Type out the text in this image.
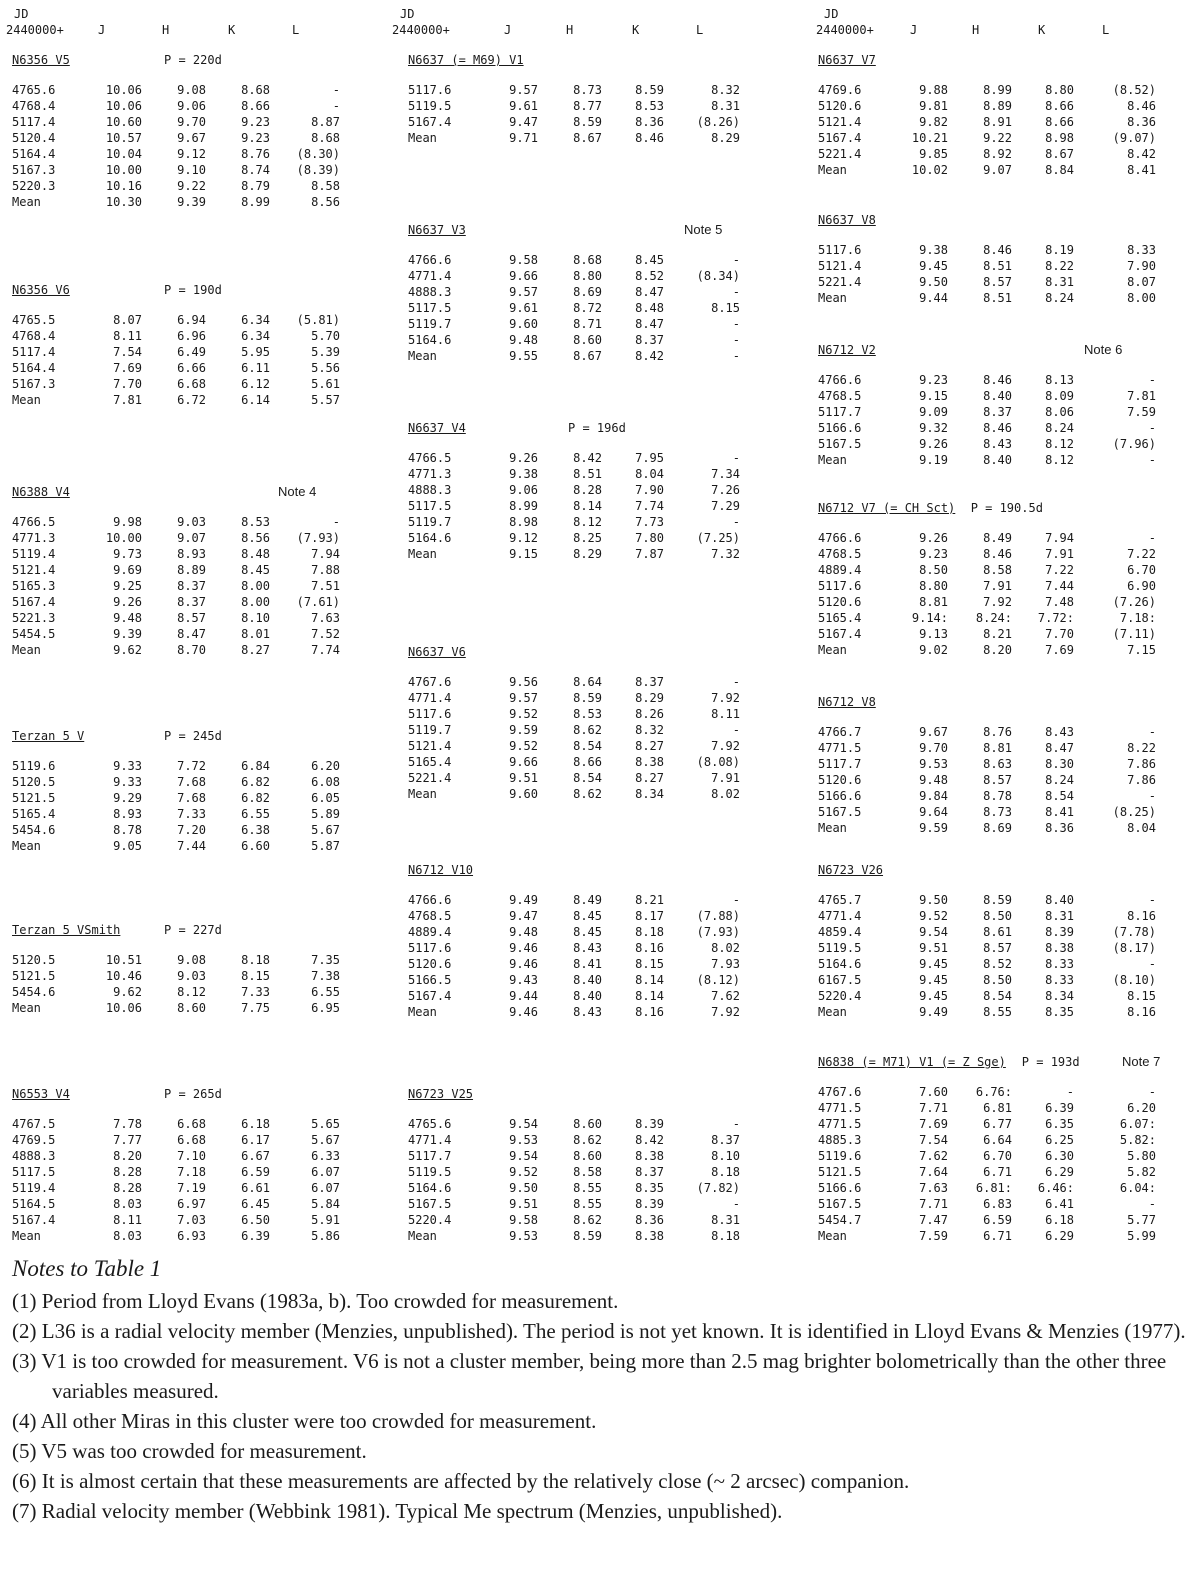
JD
2440000+	J	H	K	L
JD
2440000+	J	H	K	L
JD
2440000+	J	H	K	L
N6356 V5	P = 220d
4765.6	10.06	9.08	8.68	-
4768.4	10.06	9.06	8.66	-
5117.4	10.60	9.70	9.23	8.87
5120.4	10.57	9.67	9.23	8.68
5164.4	10.04	9.12	8.76	(8.30)
5167.3	10.00	9.10	8.74	(8.39)
5220.3	10.16	9.22	8.79	8.58
Mean	10.30	9.39	8.99	8.56
N6356 V6	P = 190d
4765.5	8.07	6.94	6.34	(5.81)
4768.4	8.11	6.96	6.34	5.70
5117.4	7.54	6.49	5.95	5.39
5164.4	7.69	6.66	6.11	5.56
5167.3	7.70	6.68	6.12	5.61
Mean	7.81	6.72	6.14	5.57
N6388 V4	Note 4
4766.5	9.98	9.03	8.53	-
4771.3	10.00	9.07	8.56	(7.93)
5119.4	9.73	8.93	8.48	7.94
5121.4	9.69	8.89	8.45	7.88
5165.3	9.25	8.37	8.00	7.51
5167.4	9.26	8.37	8.00	(7.61)
5221.3	9.48	8.57	8.10	7.63
5454.5	9.39	8.47	8.01	7.52
Mean	9.62	8.70	8.27	7.74
Terzan 5 V	P = 245d
5119.6	9.33	7.72	6.84	6.20
5120.5	9.33	7.68	6.82	6.08
5121.5	9.29	7.68	6.82	6.05
5165.4	8.93	7.33	6.55	5.89
5454.6	8.78	7.20	6.38	5.67
Mean	9.05	7.44	6.60	5.87
Terzan 5 VSmith	P = 227d
5120.5	10.51	9.08	8.18	7.35
5121.5	10.46	9.03	8.15	7.38
5454.6	9.62	8.12	7.33	6.55
Mean	10.06	8.60	7.75	6.95
N6553 V4	P = 265d
4767.5	7.78	6.68	6.18	5.65
4769.5	7.77	6.68	6.17	5.67
4888.3	8.20	7.10	6.67	6.33
5117.5	8.28	7.18	6.59	6.07
5119.4	8.28	7.19	6.61	6.07
5164.5	8.03	6.97	6.45	5.84
5167.4	8.11	7.03	6.50	5.91
Mean	8.03	6.93	6.39	5.86
N6637 (= M69) V1
5117.6	9.57	8.73	8.59	8.32
5119.5	9.61	8.77	8.53	8.31
5167.4	9.47	8.59	8.36	(8.26)
Mean	9.71	8.67	8.46	8.29
N6637 V3	Note 5
4766.6	9.58	8.68	8.45	-
4771.4	9.66	8.80	8.52	(8.34)
4888.3	9.57	8.69	8.47	-
5117.5	9.61	8.72	8.48	8.15
5119.7	9.60	8.71	8.47	-
5164.6	9.48	8.60	8.37	-
Mean	9.55	8.67	8.42	-
N6637 V4	P = 196d
4766.5	9.26	8.42	7.95	-
4771.3	9.38	8.51	8.04	7.34
4888.3	9.06	8.28	7.90	7.26
5117.5	8.99	8.14	7.74	7.29
5119.7	8.98	8.12	7.73	-
5164.6	9.12	8.25	7.80	(7.25)
Mean	9.15	8.29	7.87	7.32
N6637 V6
4767.6	9.56	8.64	8.37	-
4771.4	9.57	8.59	8.29	7.92
5117.6	9.52	8.53	8.26	8.11
5119.7	9.59	8.62	8.32	-
5121.4	9.52	8.54	8.27	7.92
5165.4	9.66	8.66	8.38	(8.08)
5221.4	9.51	8.54	8.27	7.91
Mean	9.60	8.62	8.34	8.02
N6712 V10
4766.6	9.49	8.49	8.21	-
4768.5	9.47	8.45	8.17	(7.88)
4889.4	9.48	8.45	8.18	(7.93)
5117.6	9.46	8.43	8.16	8.02
5120.6	9.46	8.41	8.15	7.93
5166.5	9.43	8.40	8.14	(8.12)
5167.4	9.44	8.40	8.14	7.62
Mean	9.46	8.43	8.16	7.92
N6723 V25
4765.6	9.54	8.60	8.39	-
4771.4	9.53	8.62	8.42	8.37
5117.7	9.54	8.60	8.38	8.10
5119.5	9.52	8.58	8.37	8.18
5164.6	9.50	8.55	8.35	(7.82)
5167.5	9.51	8.55	8.39	-
5220.4	9.58	8.62	8.36	8.31
Mean	9.53	8.59	8.38	8.18
N6637 V7
4769.6	9.88	8.99	8.80	(8.52)
5120.6	9.81	8.89	8.66	8.46
5121.4	9.82	8.91	8.66	8.36
5167.4	10.21	9.22	8.98	(9.07)
5221.4	9.85	8.92	8.67	8.42
Mean	10.02	9.07	8.84	8.41
N6637 V8
5117.6	9.38	8.46	8.19	8.33
5121.4	9.45	8.51	8.22	7.90
5221.4	9.50	8.57	8.31	8.07
Mean	9.44	8.51	8.24	8.00
N6712 V2	Note 6
4766.6	9.23	8.46	8.13	-
4768.5	9.15	8.40	8.09	7.81
5117.7	9.09	8.37	8.06	7.59
5166.6	9.32	8.46	8.24	-
5167.5	9.26	8.43	8.12	(7.96)
Mean	9.19	8.40	8.12	-
N6712 V7 (= CH Sct) P = 190.5d
4766.6	9.26	8.49	7.94	-
4768.5	9.23	8.46	7.91	7.22
4889.4	8.50	8.58	7.22	6.70
5117.6	8.80	7.91	7.44	6.90
5120.6	8.81	7.92	7.48	(7.26)
5165.4	9.14:	8.24:	7.72:	7.18:
5167.4	9.13	8.21	7.70	(7.11)
Mean	9.02	8.20	7.69	7.15
N6712 V8
4766.7	9.67	8.76	8.43	-
4771.5	9.70	8.81	8.47	8.22
5117.7	9.53	8.63	8.30	7.86
5120.6	9.48	8.57	8.24	7.86
5166.6	9.84	8.78	8.54	-
5167.5	9.64	8.73	8.41	(8.25)
Mean	9.59	8.69	8.36	8.04
N6723 V26
4765.7	9.50	8.59	8.40	-
4771.4	9.52	8.50	8.31	8.16
4859.4	9.54	8.61	8.39	(7.78)
5119.5	9.51	8.57	8.38	(8.17)
5164.6	9.45	8.52	8.33	-
6167.5	9.45	8.50	8.33	(8.10)
5220.4	9.45	8.54	8.34	8.15
Mean	9.49	8.55	8.35	8.16
N6838 (= M71) V1 (= Z Sge) P = 193d	Note 7
4767.6	7.60	6.76:	-	-
4771.5	7.71	6.81	6.39	6.20
4771.5	7.69	6.77	6.35	6.07:
4885.3	7.54	6.64	6.25	5.82:
5119.6	7.62	6.70	6.30	5.80
5121.5	7.64	6.71	6.29	5.82
5166.6	7.63	6.81:	6.46:	6.04:
5167.5	7.71	6.83	6.41	-
5454.7	7.47	6.59	6.18	5.77
Mean	7.59	6.71	6.29	5.99
Notes to Table 1
(1) Period from Lloyd Evans (1983a, b). Too crowded for measurement.
(2) L36 is a radial velocity member (Menzies, unpublished). The period is not yet known. It is identified in Lloyd Evans & Menzies (1977).
(3) V1 is too crowded for measurement. V6 is not a cluster member, being more than 2.5 mag brighter bolometrically than the other three variables measured.
(4) All other Miras in this cluster were too crowded for measurement.
(5) V5 was too crowded for measurement.
(6) It is almost certain that these measurements are affected by the relatively close (~ 2 arcsec) companion.
(7) Radial velocity member (Webbink 1981). Typical Me spectrum (Menzies, unpublished).
